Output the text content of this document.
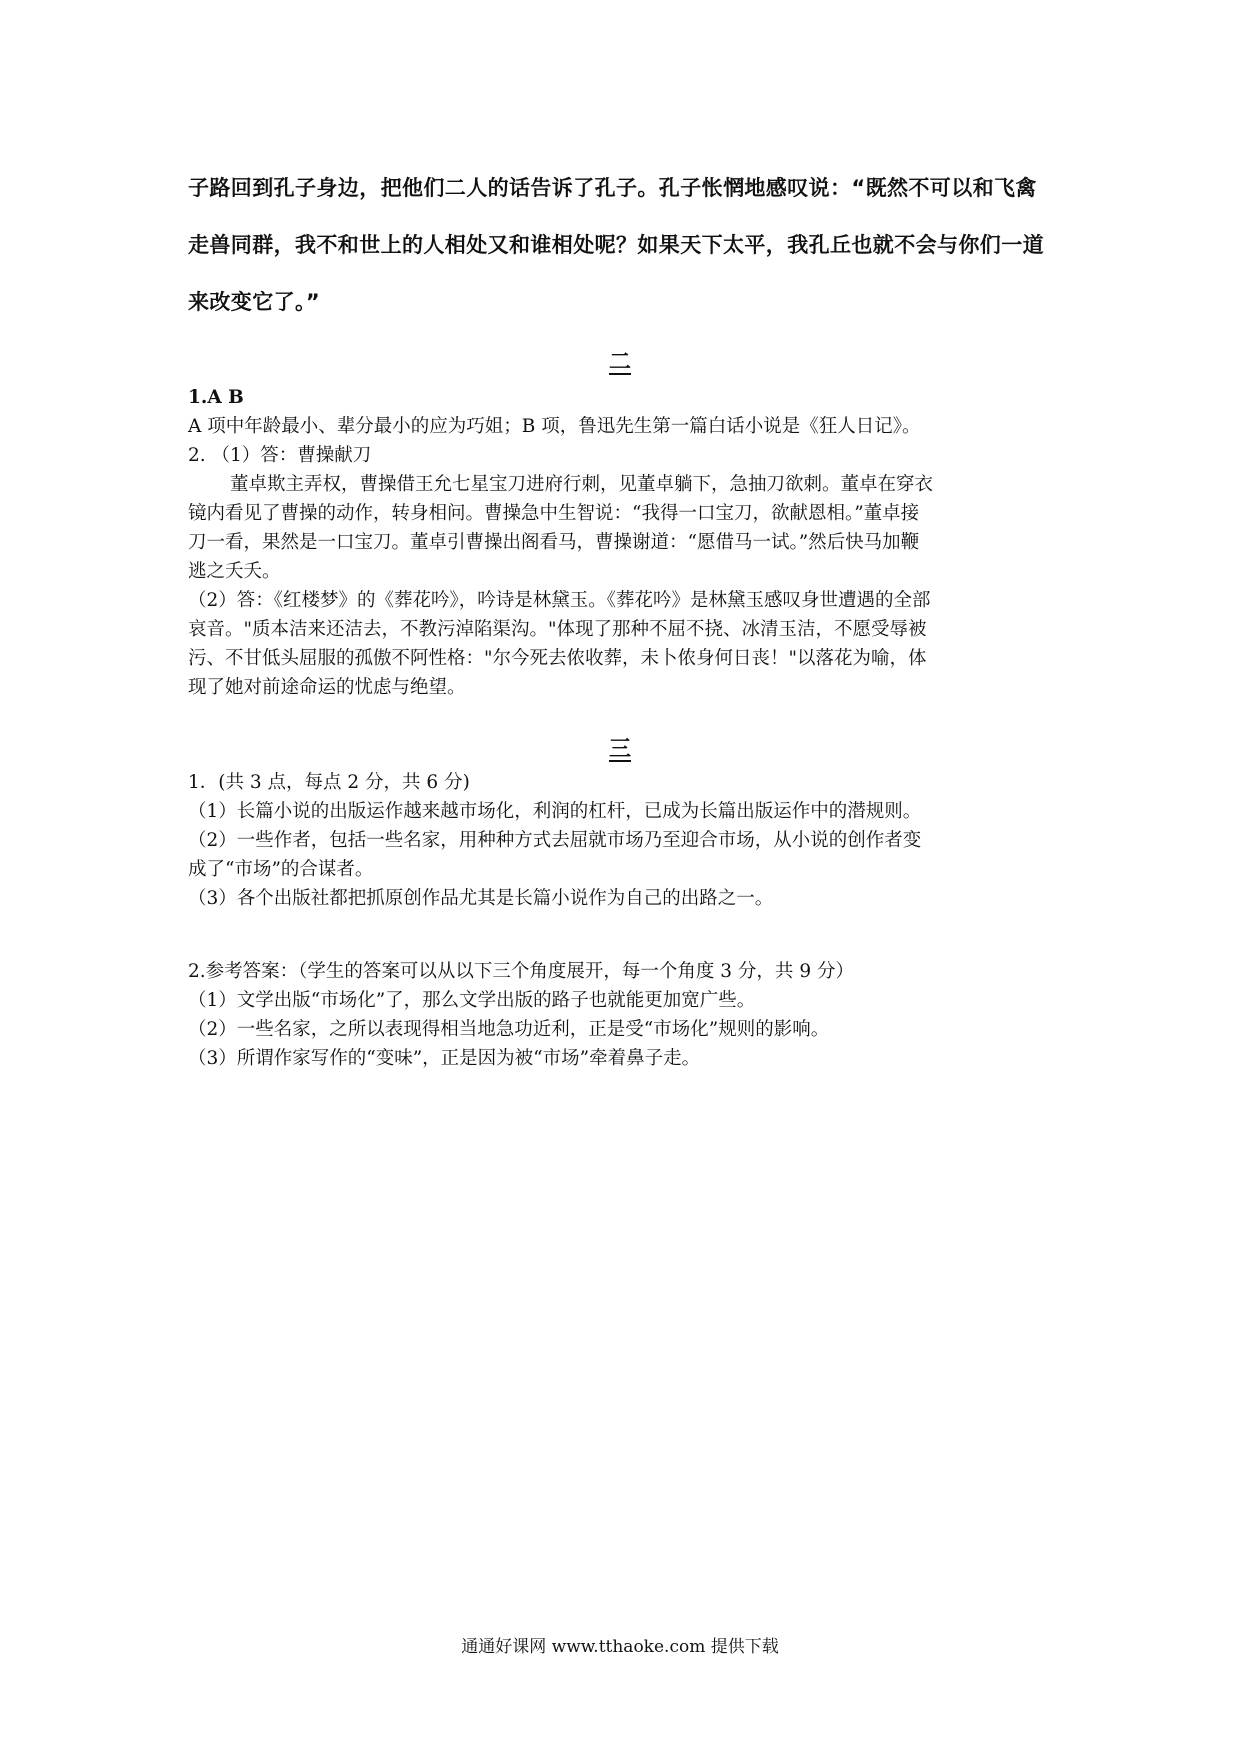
子路回到孔子身边，把他们二人的话告诉了孔子。孔子怅惘地感叹说：“既然不可以和飞禽
走兽同群，我不和世上的人相处又和谁相处呢？如果天下太平，我孔丘也就不会与你们一道
来改变它了。”
二
1.A B
A 项中年龄最小、辈分最小的应为巧姐；B 项，鲁迅先生第一篇白话小说是《狂人日记》。
2. （1）答：曹操献刀
董卓欺主弄权，曹操借王允七星宝刀进府行刺，见董卓躺下，急抽刀欲刺。董卓在穿衣
镜内看见了曹操的动作，转身相问。曹操急中生智说：“我得一口宝刀，欲献恩相。”董卓接
刀一看，果然是一口宝刀。董卓引曹操出阁看马，曹操谢道：“愿借马一试。”然后快马加鞭
逃之夭夭。
（2）答：《红楼梦》的《葬花吟》，吟诗是林黛玉。《葬花吟》是林黛玉感叹身世遭遇的全部
哀音。"质本洁来还洁去，不教污淖陷渠沟。"体现了那种不屈不挠、冰清玉洁，不愿受辱被
污、不甘低头屈服的孤傲不阿性格："尔今死去侬收葬，未卜侬身何日丧！"以落花为喻，体
现了她对前途命运的忧虑与绝望。
三
1．(共 3 点，每点 2 分，共 6 分)
（1）长篇小说的出版运作越来越市场化，利润的杠杆，已成为长篇出版运作中的潜规则。
（2）一些作者，包括一些名家，用种种方式去屈就市场乃至迎合市场，从小说的创作者变
成了“市场”的合谋者。
（3）各个出版社都把抓原创作品尤其是长篇小说作为自己的出路之一。
2.参考答案：（学生的答案可以从以下三个角度展开，每一个角度 3 分，共 9 分）
（1）文学出版“市场化”了，那么文学出版的路子也就能更加宽广些。
（2）一些名家，之所以表现得相当地急功近利，正是受“市场化”规则的影响。
（3）所谓作家写作的“变味”，正是因为被“市场”牵着鼻子走。
通通好课网 www.tthaoke.com 提供下载
